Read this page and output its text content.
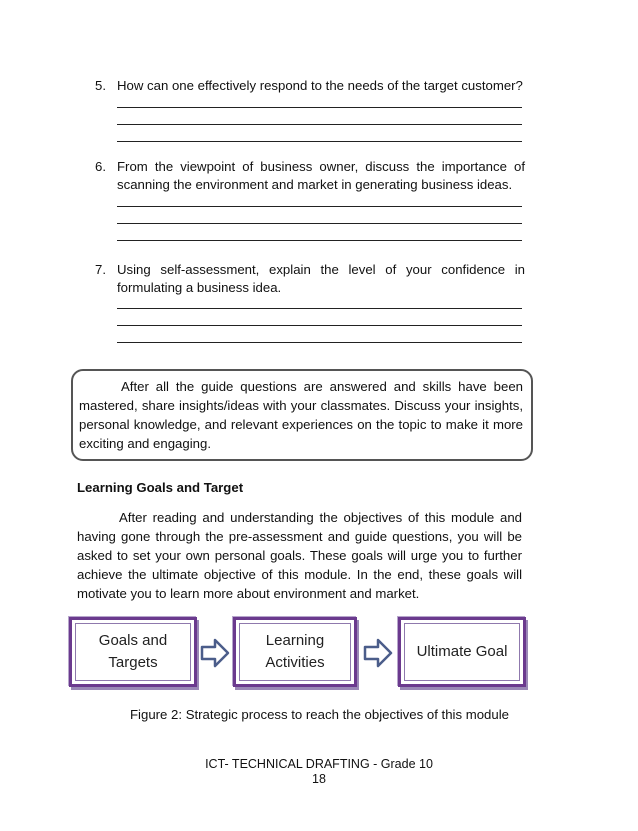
5. How can one effectively respond to the needs of the target customer?
6. From the viewpoint of business owner, discuss the importance of scanning the environment and market in generating business ideas.
7. Using self-assessment, explain the level of your confidence in formulating a business idea.
After all the guide questions are answered and skills have been mastered, share insights/ideas with your classmates. Discuss your insights, personal knowledge, and relevant experiences on the topic to make it more exciting and engaging.
Learning Goals and Target
After reading and understanding the objectives of this module and having gone through the pre-assessment and guide questions, you will be asked to set your own personal goals. These goals will urge you to further achieve the ultimate objective of this module. In the end, these goals will motivate you to learn more about environment and market.
Goals and Targets
Learning Activities
Ultimate Goal
Figure 2: Strategic process to reach the objectives of this module
ICT- TECHNICAL DRAFTING - Grade 10
18
